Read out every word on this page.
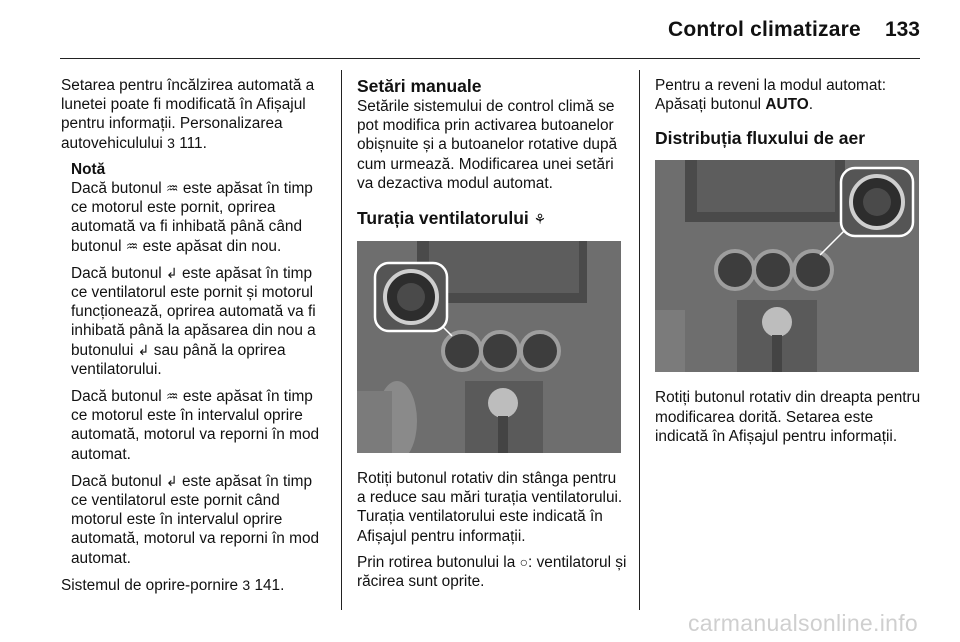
Control climatizare 133

Setarea pentru încălzirea automată a lunetei poate fi modificată în Afișajul pentru informații. Personalizarea autovehiculului 3 111.

Notă

Dacă butonul ♒ este apăsat în timp ce motorul este pornit, oprirea automată va fi inhibată până când butonul ♒ este apăsat din nou.

Dacă butonul ↲ este apăsat în timp ce ventilatorul este pornit și motorul funcționează, oprirea automată va fi inhibată până la apăsarea din nou a butonului ↲ sau până la oprirea ventilatorului.

Dacă butonul ♒ este apăsat în timp ce motorul este în intervalul oprire automată, motorul va reporni în mod automat.

Dacă butonul ↲ este apăsat în timp ce ventilatorul este pornit când motorul este în intervalul oprire automată, motorul va reporni în mod automat.

Sistemul de oprire-pornire 3 141.

Setări manuale

Setările sistemului de control climă se pot modifica prin activarea butoanelor obișnuite și a butoanelor rotative după cum urmează. Modificarea unei setări va dezactiva modul automat.

Turația ventilatorului ⚘

Rotiți butonul rotativ din stânga pentru a reduce sau mări turația ventilatorului. Turația ventilatorului este indicată în Afișajul pentru informații.

Prin rotirea butonului la ○: ventilatorul și răcirea sunt oprite.

Pentru a reveni la modul automat: Apăsați butonul AUTO.

Distribuția fluxului de aer

Rotiți butonul rotativ din dreapta pentru modificarea dorită. Setarea este indicată în Afișajul pentru informații.

carmanualsonline.info
